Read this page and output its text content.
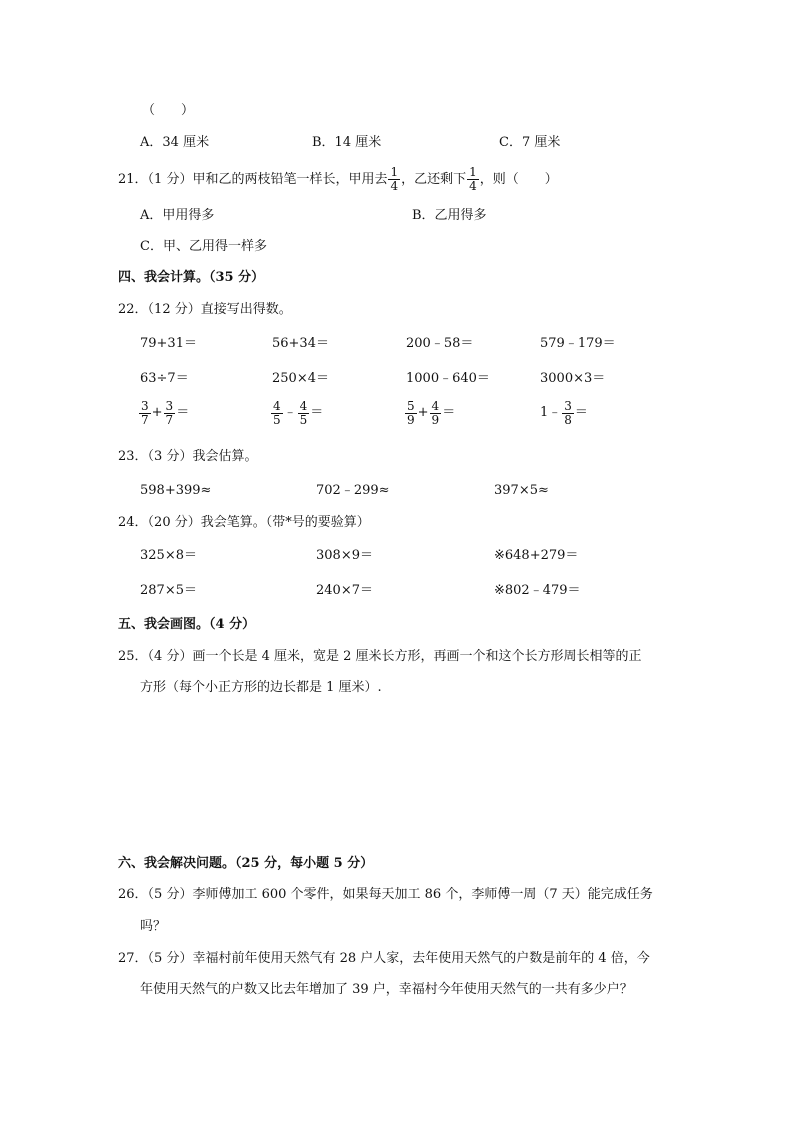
（　　）
A．34 厘米	B．14 厘米	C．7 厘米
21．（1 分）甲和乙的两枝铅笔一样长，甲用去 $\frac{1}{4}$ ，乙还剩下 $\frac{1}{4}$ ，则（　　）
A．甲用得多	B．乙用得多
C．甲、乙用得一样多
四、我会计算。（35 分）
22．（12 分）直接写出得数。
79+31＝	56+34＝	200﹣58＝	579﹣179＝
63÷7＝	250×4＝	1000﹣640＝	3000×3＝
$\frac{3}{7} + \frac{3}{7}$ ＝	$\frac{4}{5}$ ﹣ $\frac{4}{5}$ ＝	$\frac{5}{9} + \frac{4}{9}$ ＝	1﹣ $\frac{3}{8}$ ＝
23．（3 分）我会估算。
598+399≈	702﹣299≈	397×5≈
24．（20 分）我会笔算。（带*号的要验算）
325×8＝	308×9＝	※648+279＝
287×5＝	240×7＝	※802﹣479＝
五、我会画图。（4 分）
25．（4 分）画一个长是 4 厘米，宽是 2 厘米长方形，再画一个和这个长方形周长相等的正
方形（每个小正方形的边长都是 1 厘米）.
六、我会解决问题。（25 分，每小题 5 分）
26．（5 分）李师傅加工 600 个零件，如果每天加工 86 个，李师傅一周（7 天）能完成任务
吗？
27．（5 分）幸福村前年使用天然气有 28 户人家，去年使用天然气的户数是前年的 4 倍，今
年使用天然气的户数又比去年增加了 39 户，幸福村今年使用天然气的一共有多少户？
